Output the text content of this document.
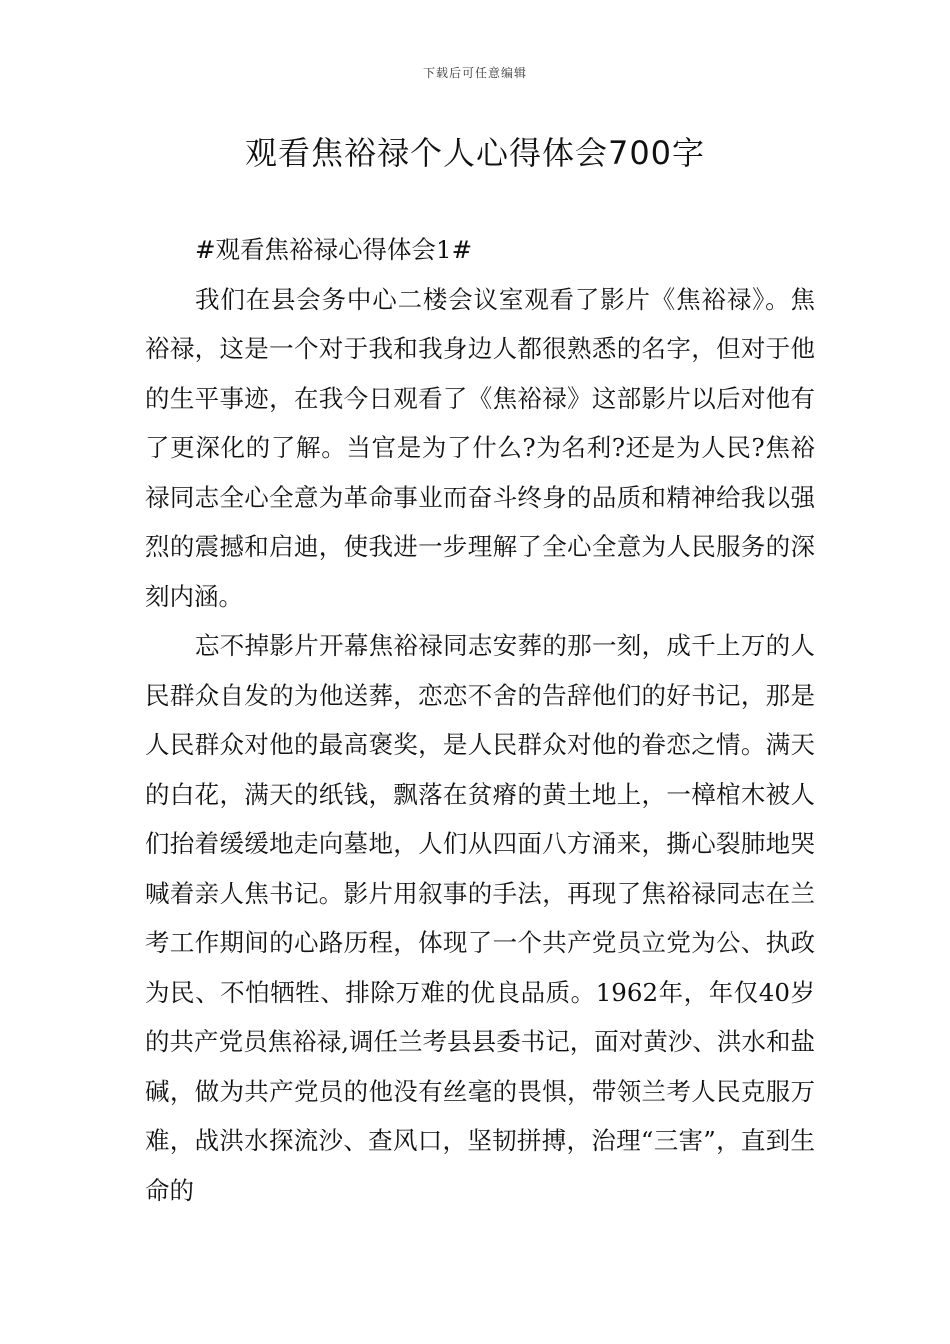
下载后可任意编辑
观看焦裕禄个人心得体会700字

#观看焦裕禄心得体会1#

我们在县会务中心二楼会议室观看了影片《焦裕禄》。焦裕禄，这是一个对于我和我身边人都很熟悉的名字，但对于他的生平事迹，在我今日观看了《焦裕禄》这部影片以后对他有了更深化的了解。当官是为了什么?为名利?还是为人民?焦裕禄同志全心全意为革命事业而奋斗终身的品质和精神给我以强烈的震撼和启迪，使我进一步理解了全心全意为人民服务的深刻内涵。

忘不掉影片开幕焦裕禄同志安葬的那一刻，成千上万的人民群众自发的为他送葬，恋恋不舍的告辞他们的好书记，那是人民群众对他的最高褒奖，是人民群众对他的眷恋之情。满天的白花，满天的纸钱，飘落在贫瘠的黄土地上，一樟棺木被人们抬着缓缓地走向墓地，人们从四面八方涌来，撕心裂肺地哭喊着亲人焦书记。影片用叙事的手法，再现了焦裕禄同志在兰考工作期间的心路历程，体现了一个共产党员立党为公、执政为民、不怕牺牲、排除万难的优良品质。1962年，年仅40岁的共产党员焦裕禄,调任兰考县县委书记，面对黄沙、洪水和盐碱，做为共产党员的他没有丝毫的畏惧，带领兰考人民克服万难，战洪水探流沙、查风口，坚韧拼搏，治理“三害”，直到生命的
